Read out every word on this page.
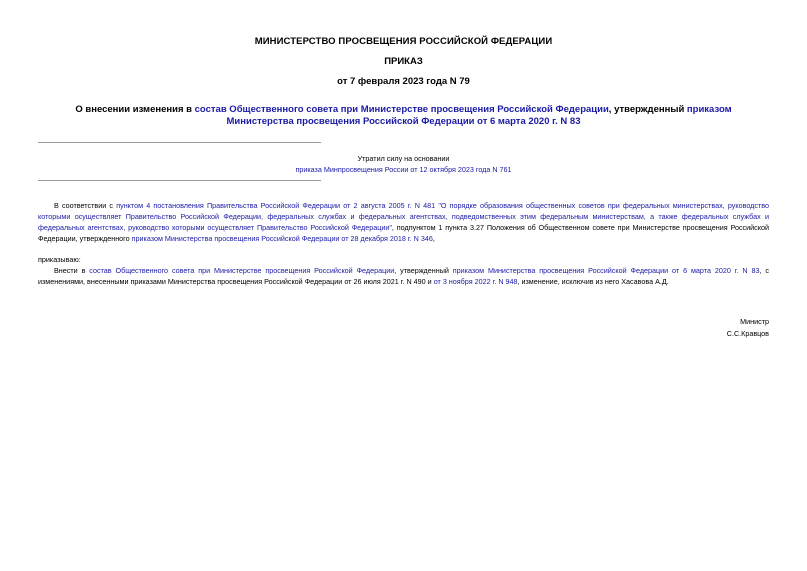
МИНИСТЕРСТВО ПРОСВЕЩЕНИЯ РОССИЙСКОЙ ФЕДЕРАЦИИ
ПРИКАЗ
от 7 февраля 2023 года N 79
О внесении изменения в состав Общественного совета при Министерстве просвещения Российской Федерации, утвержденный приказом Министерства просвещения Российской Федерации от 6 марта 2020 г. N 83
Утратил силу на основании
приказа Минпросвещения России от 12 октября 2023 года N 761
В соответствии с пунктом 4 постановления Правительства Российской Федерации от 2 августа 2005 г. N 481 "О порядке образования общественных советов при федеральных министерствах, руководство которыми осуществляет Правительство Российской Федерации, федеральных службах и федеральных агентствах, подведомственных этим федеральным министерствам, а также федеральных службах и федеральных агентствах, руководство которыми осуществляет Правительство Российской Федерации", подпунктом 1 пункта 3.27 Положения об Общественном совете при Министерстве просвещения Российской Федерации, утвержденного приказом Министерства просвещения Российской Федерации от 28 декабря 2018 г. N 346,
приказываю:
Внести в состав Общественного совета при Министерстве просвещения Российской Федерации, утвержденный приказом Министерства просвещения Российской Федерации от 6 марта 2020 г. N 83, с изменениями, внесенными приказами Министерства просвещения Российской Федерации от 26 июля 2021 г. N 490 и от 3 ноября 2022 г. N 948, изменение, исключив из него Хасавова А.Д.
Министр
С.С.Кравцов
